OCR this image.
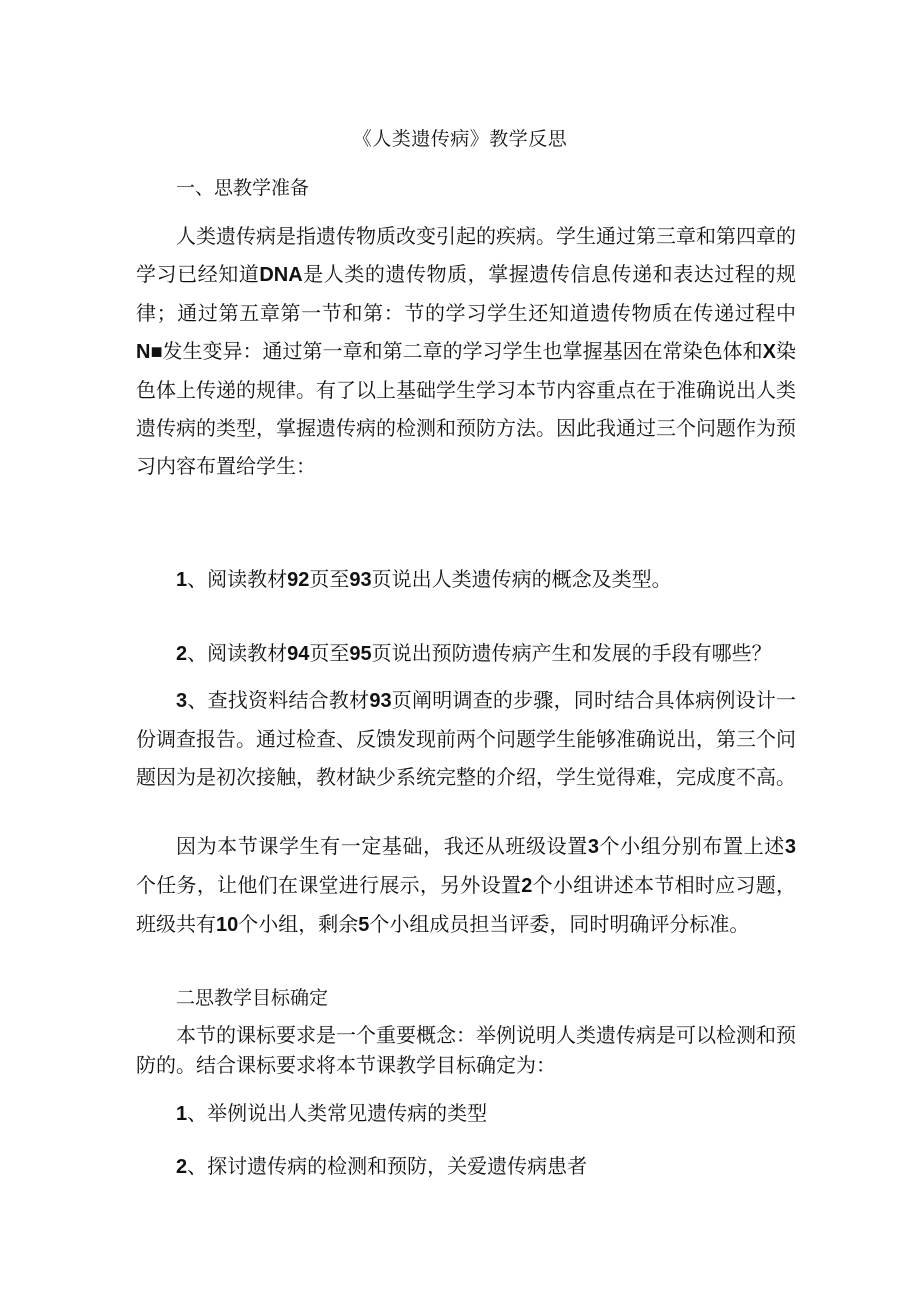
《人类遗传病》教学反思
一、思教学准备
人类遗传病是指遗传物质改变引起的疾病。学生通过第三章和第四章的学习已经知道DNA是人类的遗传物质，掌握遗传信息传递和表达过程的规律；通过第五章第一节和第：节的学习学生还知道遗传物质在传递过程中N■发生变异：通过第一章和第二章的学习学生也掌握基因在常染色体和X染色体上传递的规律。有了以上基础学生学习本节内容重点在于准确说出人类遗传病的类型，掌握遗传病的检测和预防方法。因此我通过三个问题作为预习内容布置给学生：
1、阅读教材92页至93页说出人类遗传病的概念及类型。
2、阅读教材94页至95页说出预防遗传病产生和发展的手段有哪些？
3、查找资料结合教材93页阐明调查的步骤，同时结合具体病例设计一份调查报告。通过检查、反馈发现前两个问题学生能够准确说出，第三个问题因为是初次接触，教材缺少系统完整的介绍，学生觉得难，完成度不高。
因为本节课学生有一定基础，我还从班级设置3个小组分别布置上述3个任务，让他们在课堂进行展示，另外设置2个小组讲述本节相时应习题，班级共有10个小组，剩余5个小组成员担当评委，同时明确评分标准。
二思教学目标确定
本节的课标要求是一个重要概念：举例说明人类遗传病是可以检测和预防的。结合课标要求将本节课教学目标确定为：
1、举例说出人类常见遗传病的类型
2、探讨遗传病的检测和预防，关爱遗传病患者
